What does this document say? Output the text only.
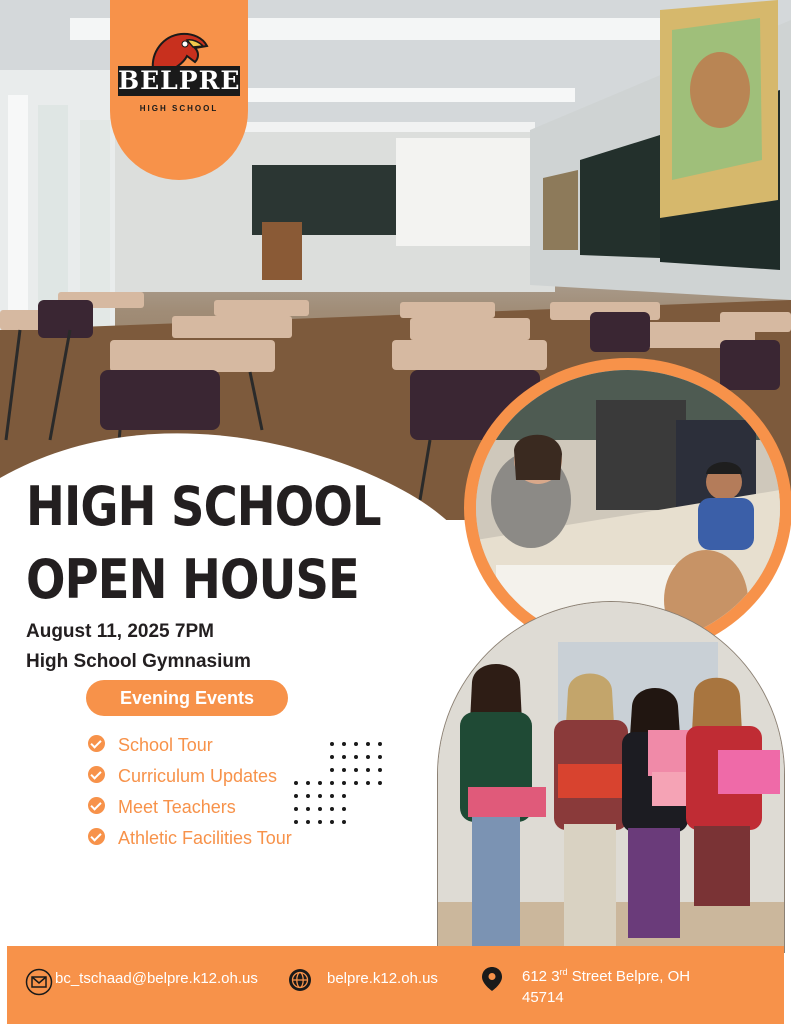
BELPRE
HIGH SCHOOL
HIGH SCHOOL
OPEN HOUSE
August 11, 2025 7PM
High School Gymnasium
Evening Events
School Tour
Curriculum Updates
Meet Teachers
Athletic Facilities Tour
bc_tschaad@belpre.k12.oh.us	belpre.k12.oh.us	612 3rd Street Belpre, OH
45714
